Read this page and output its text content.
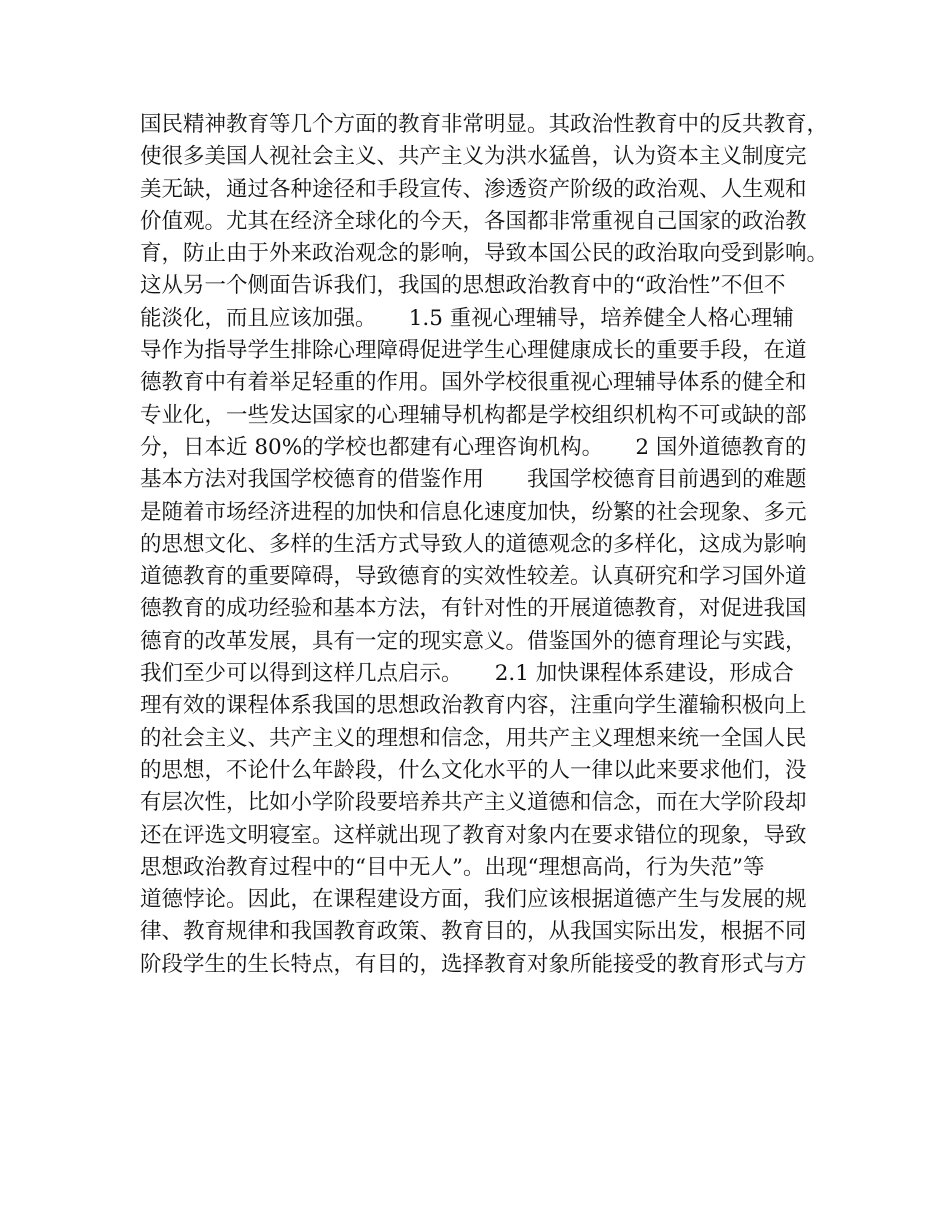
国民精神教育等几个方面的教育非常明显。其政治性教育中的反共教育，
使很多美国人视社会主义、共产主义为洪水猛兽，认为资本主义制度完
美无缺，通过各种途径和手段宣传、渗透资产阶级的政治观、人生观和
价值观。尤其在经济全球化的今天，各国都非常重视自己国家的政治教
育，防止由于外来政治观念的影响，导致本国公民的政治取向受到影响。
这从另一个侧面告诉我们，我国的思想政治教育中的“政治性”不但不
能淡化，而且应该加强。　　1.5 重视心理辅导，培养健全人格心理辅
导作为指导学生排除心理障碍促进学生心理健康成长的重要手段，在道
德教育中有着举足轻重的作用。国外学校很重视心理辅导体系的健全和
专业化，一些发达国家的心理辅导机构都是学校组织机构不可或缺的部
分，日本近 80%的学校也都建有心理咨询机构。　　2 国外道德教育的
基本方法对我国学校德育的借鉴作用　　我国学校德育目前遇到的难题
是随着市场经济进程的加快和信息化速度加快，纷繁的社会现象、多元
的思想文化、多样的生活方式导致人的道德观念的多样化，这成为影响
道德教育的重要障碍，导致德育的实效性较差。认真研究和学习国外道
德教育的成功经验和基本方法，有针对性的开展道德教育，对促进我国
德育的改革发展，具有一定的现实意义。借鉴国外的德育理论与实践，
我们至少可以得到这样几点启示。　　2.1 加快课程体系建设，形成合
理有效的课程体系我国的思想政治教育内容，注重向学生灌输积极向上
的社会主义、共产主义的理想和信念，用共产主义理想来统一全国人民
的思想，不论什么年龄段，什么文化水平的人一律以此来要求他们，没
有层次性，比如小学阶段要培养共产主义道德和信念，而在大学阶段却
还在评选文明寝室。这样就出现了教育对象内在要求错位的现象，导致
思想政治教育过程中的“目中无人”。出现“理想高尚，行为失范”等
道德悖论。因此，在课程建设方面，我们应该根据道德产生与发展的规
律、教育规律和我国教育政策、教育目的，从我国实际出发，根据不同
阶段学生的生长特点，有目的，选择教育对象所能接受的教育形式与方
